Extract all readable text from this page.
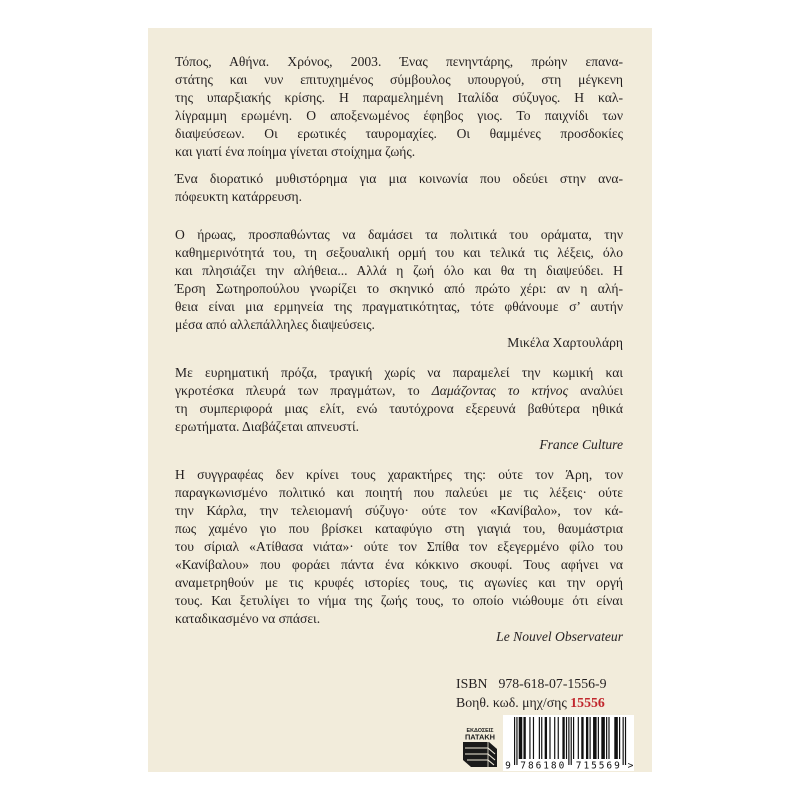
Τόπος, Αθήνα. Χρόνος, 2003. Ένας πενηντάρης, πρώην επανα-
στάτης και νυν επιτυχημένος σύμβουλος υπουργού, στη μέγκενη
της υπαρξιακής κρίσης. Η παραμελημένη Ιταλίδα σύζυγος. Η καλ-
λίγραμμη ερωμένη. Ο αποξενωμένος έφηβος γιος. Το παιχνίδι των
διαψεύσεων. Οι ερωτικές ταυρομαχίες. Οι θαμμένες προσδοκίες
και γιατί ένα ποίημα γίνεται στοίχημα ζωής.
Ένα διορατικό μυθιστόρημα για μια κοινωνία που οδεύει στην ανα-
πόφευκτη κατάρρευση.
Ο ήρωας, προσπαθώντας να δαμάσει τα πολιτικά του οράματα, την
καθημερινότητά του, τη σεξουαλική ορμή του και τελικά τις λέξεις, όλο
και πλησιάζει την αλήθεια... Αλλά η ζωή όλο και θα τη διαψεύδει. Η
Έρση Σωτηροπούλου γνωρίζει το σκηνικό από πρώτο χέρι: αν η αλή-
θεια είναι μια ερμηνεία της πραγματικότητας, τότε φθάνουμε σ’ αυτήν
μέσα από αλλεπάλληλες διαψεύσεις.
Μικέλα Χαρτουλάρη
Με ευρηματική πρόζα, τραγική χωρίς να παραμελεί την κωμική και
γκροτέσκα πλευρά των πραγμάτων, το Δαμάζοντας το κτήνος αναλύει
τη συμπεριφορά μιας ελίτ, ενώ ταυτόχρονα εξερευνά βαθύτερα ηθικά
ερωτήματα. Διαβάζεται απνευστί.
France Culture
Η συγγραφέας δεν κρίνει τους χαρακτήρες της: ούτε τον Άρη, τον
παραγκωνισμένο πολιτικό και ποιητή που παλεύει με τις λέξεις· ούτε
την Κάρλα, την τελειομανή σύζυγο· ούτε τον «Κανίβαλο», τον κά-
πως χαμένο γιο που βρίσκει καταφύγιο στη γιαγιά του, θαυμάστρια
του σίριαλ «Ατίθασα νιάτα»· ούτε τον Σπίθα τον εξεγερμένο φίλο του
«Κανίβαλου» που φοράει πάντα ένα κόκκινο σκουφί. Τους αφήνει να
αναμετρηθούν με τις κρυφές ιστορίες τους, τις αγωνίες και την οργή
τους. Και ξετυλίγει το νήμα της ζωής τους, το οποίο νιώθουμε ότι είναι
καταδικασμένο να σπάσει.
Le Nouvel Observateur
ISBN 978-618-07-1556-9
Βοηθ. κωδ. μηχ/σης 15556
ΕΚΔΟΣΕΙΣ
ΠΑΤΑΚΗ
9 786180 715569 >
